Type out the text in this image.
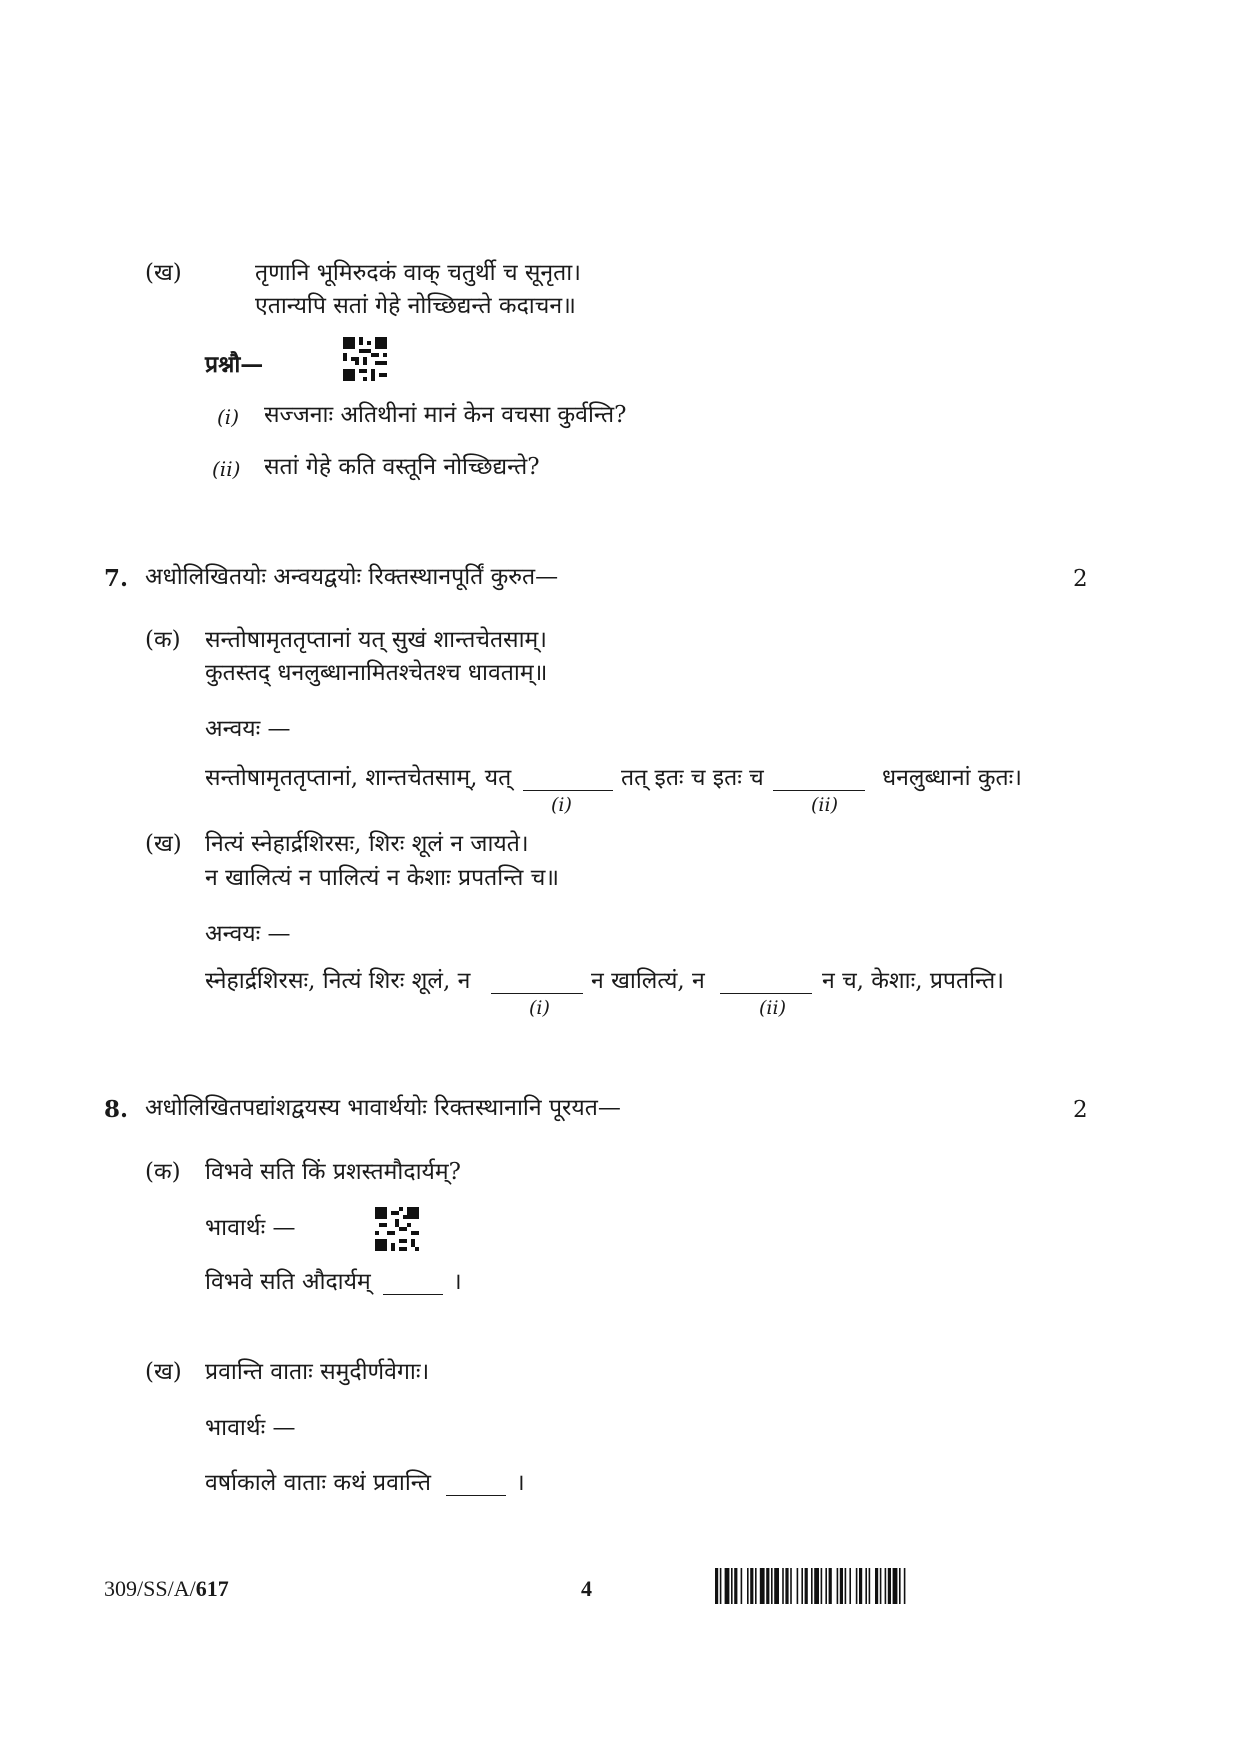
(ख)	तृणानि भूमिरुदकं वाक् चतुर्थी च सूनृता।
एतान्यपि सतां गेहे नोच्छिद्यन्ते कदाचन॥
प्रश्नौ—
(i) सज्जनाः अतिथीनां मानं केन वचसा कुर्वन्ति?
(ii) सतां गेहे कति वस्तूनि नोच्छिद्यन्ते?
7. अधोलिखितयोः अन्वयद्वयोः रिक्तस्थानपूर्तिं कुरुत—	2
(क) सन्तोषामृततृप्तानां यत् सुखं शान्तचेतसाम्।
कुतस्तद् धनलुब्धानामितश्चेतश्च धावताम्॥
अन्वयः —
सन्तोषामृततृप्तानां, शान्तचेतसाम्, यत्	तत् इतः च इतः च	धनलुब्धानां कुतः।
(i)	(ii)
(ख) नित्यं स्नेहार्द्रशिरसः, शिरः शूलं न जायते।
न खालित्यं न पालित्यं न केशाः प्रपतन्ति च॥
अन्वयः —
स्नेहार्द्रशिरसः, नित्यं शिरः शूलं, न	न खालित्यं, न	न च, केशाः, प्रपतन्ति।
(i)	(ii)
8. अधोलिखितपद्यांशद्वयस्य भावार्थयोः रिक्तस्थानानि पूरयत—	2
(क) विभवे सति किं प्रशस्तमौदार्यम्?
भावार्थः —
विभवे सति औदार्यम्	।
(ख) प्रवान्ति वाताः समुदीर्णवेगाः।
भावार्थः —
वर्षाकाले वाताः कथं प्रवान्ति	।
309/SS/A/617	4
